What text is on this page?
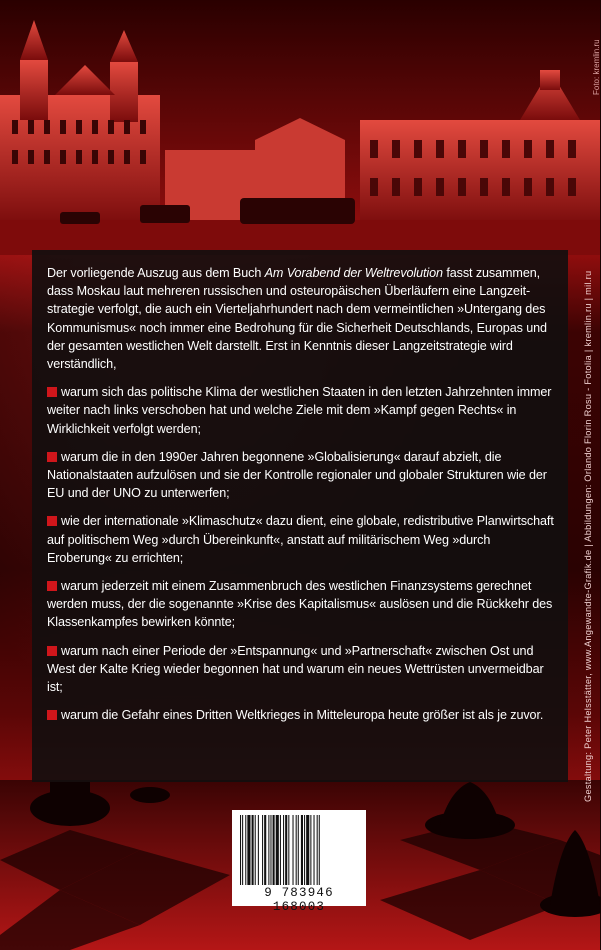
Foto: kremlin.ru

Der vorliegende Auszug aus dem Buch Am Vorabend der Weltrevolution fasst zusammen, dass Moskau laut mehreren russischen und osteuropäischen Überläufern eine Langzeitstrategie verfolgt, die auch ein Vierteljahrhundert nach dem vermeintlichen »Untergang des Kommunismus« noch immer eine Bedrohung für die Sicherheit Deutschlands, Europas und der gesamten westlichen Welt darstellt. Erst in Kenntnis dieser Langzeitstrategie wird verständlich,

warum sich das politische Klima der westlichen Staaten in den letzten Jahrzehnten immer weiter nach links verschoben hat und welche Ziele mit dem »Kampf gegen Rechts« in Wirklichkeit verfolgt werden;

warum die in den 1990er Jahren begonnene »Globalisierung« darauf abzielt, die Nationalstaaten aufzulösen und sie der Kontrolle regionaler und globaler Strukturen wie der EU und der UNO zu unterwerfen;

wie der internationale »Klimaschutz« dazu dient, eine globale, redistributive Planwirtschaft auf politischem Weg »durch Übereinkunft«, anstatt auf militärischem Weg »durch Eroberung« zu errichten;

warum jederzeit mit einem Zusammenbruch des westlichen Finanzsystems gerechnet werden muss, der die sogenannte »Krise des Kapitalismus« auslösen und die Rückkehr des Klassenkampfes bewirken könnte;

warum nach einer Periode der »Entspannung« und »Partnerschaft« zwischen Ost und West der Kalte Krieg wieder begonnen hat und warum ein neues Wettrüsten unvermeidbar ist;

warum die Gefahr eines Dritten Weltkrieges in Mitteleuropa heute größer ist als je zuvor.	Gestaltung: Peter Helsstätter, www.Angewandte-Grafik.de | Abbildungen: Orlando Florin Rosu - Fotolia | kremlin.ru | mil.ru
9 783946 168003
